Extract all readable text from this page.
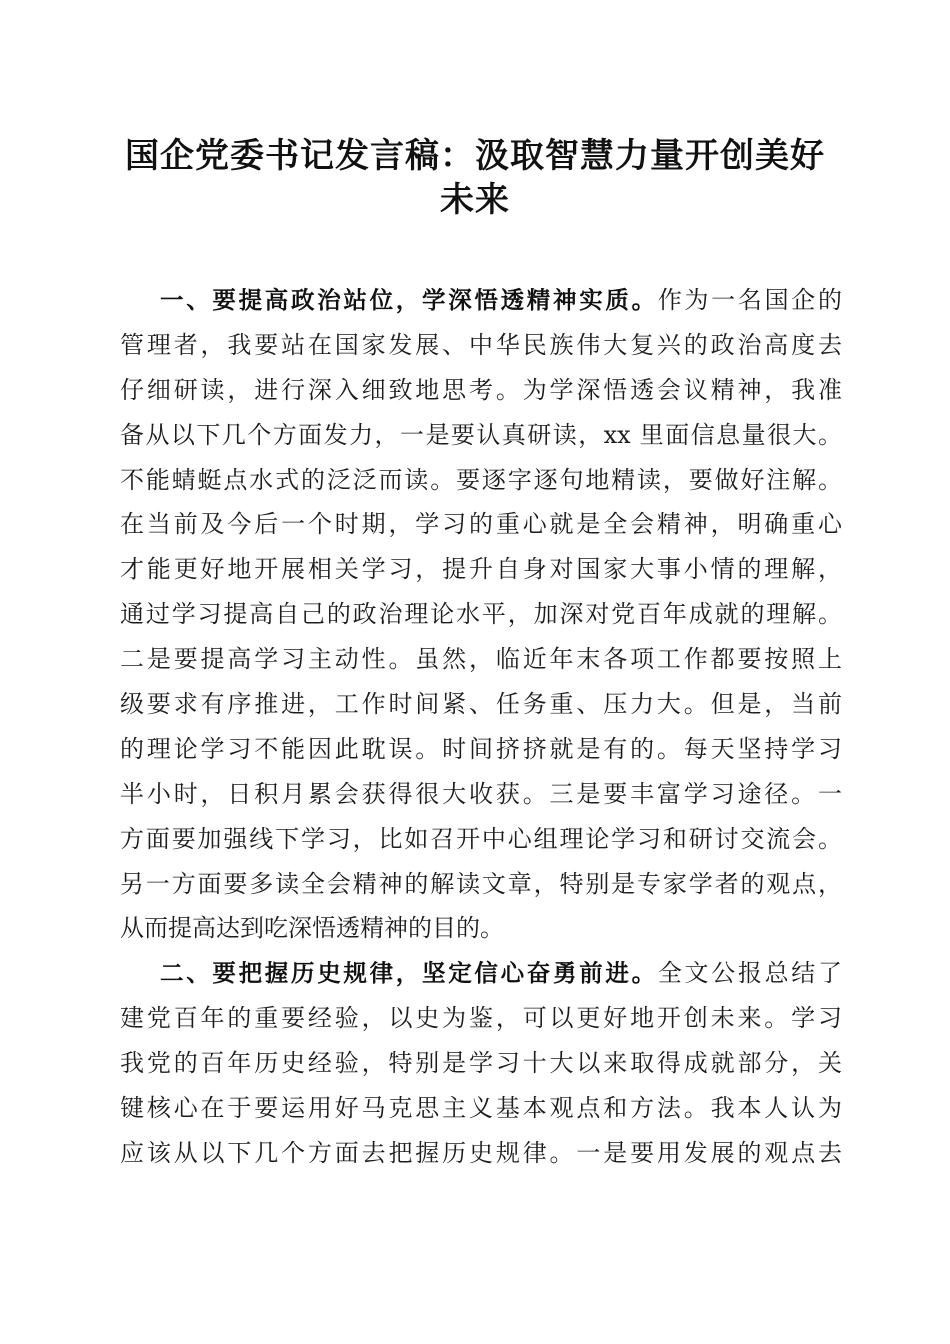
国企党委书记发言稿：汲取智慧力量开创美好
未来
一、要提高政治站位，学深悟透精神实质。作为一名国企的
管理者，我要站在国家发展、中华民族伟大复兴的政治高度去
仔细研读，进行深入细致地思考。为学深悟透会议精神，我准
备从以下几个方面发力，一是要认真研读，xx 里面信息量很大。
不能蜻蜓点水式的泛泛而读。要逐字逐句地精读，要做好注解。
在当前及今后一个时期，学习的重心就是全会精神，明确重心
才能更好地开展相关学习，提升自身对国家大事小情的理解，
通过学习提高自己的政治理论水平，加深对党百年成就的理解。
二是要提高学习主动性。虽然，临近年末各项工作都要按照上
级要求有序推进，工作时间紧、任务重、压力大。但是，当前
的理论学习不能因此耽误。时间挤挤就是有的。每天坚持学习
半小时，日积月累会获得很大收获。三是要丰富学习途径。一
方面要加强线下学习，比如召开中心组理论学习和研讨交流会。
另一方面要多读全会精神的解读文章，特别是专家学者的观点，
从而提高达到吃深悟透精神的目的。
二、要把握历史规律，坚定信心奋勇前进。全文公报总结了
建党百年的重要经验，以史为鉴，可以更好地开创未来。学习
我党的百年历史经验，特别是学习十大以来取得成就部分，关
键核心在于要运用好马克思主义基本观点和方法。我本人认为
应该从以下几个方面去把握历史规律。一是要用发展的观点去
